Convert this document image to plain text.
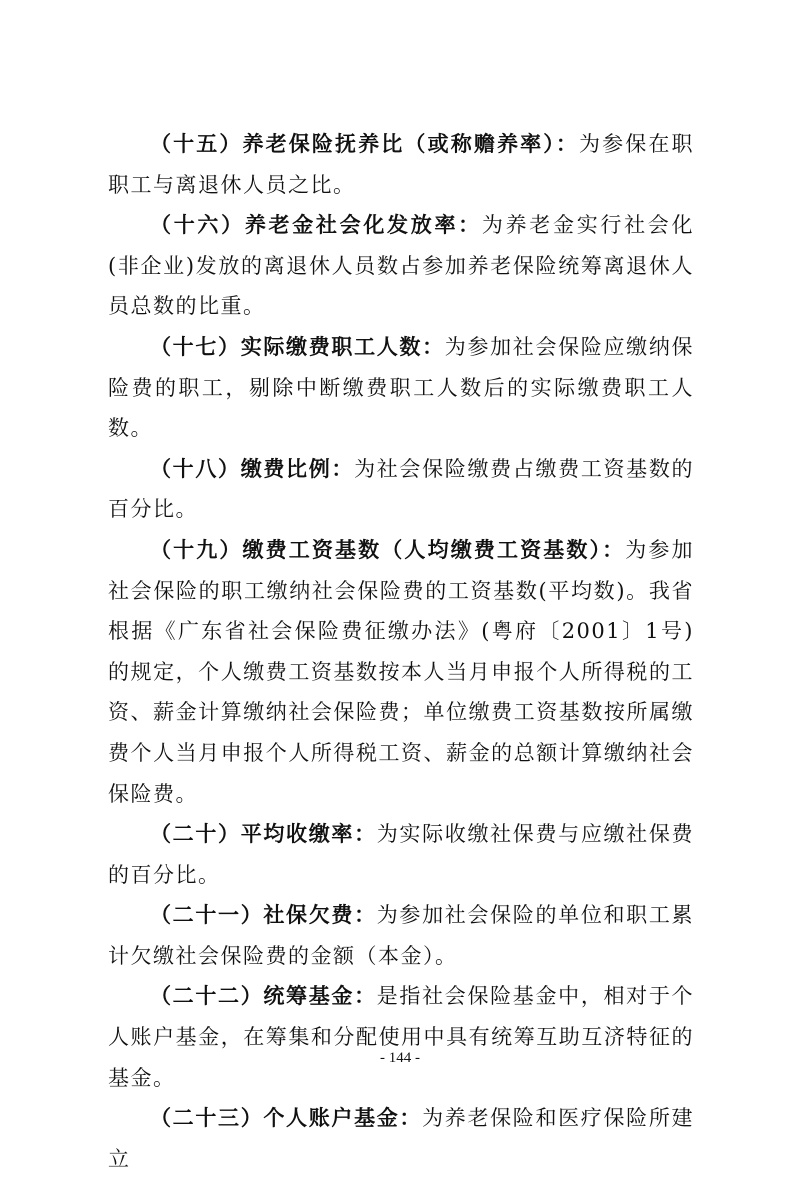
（十五）养老保险抚养比（或称赡养率）：为参保在职职工与离退休人员之比。

（十六）养老金社会化发放率：为养老金实行社会化(非企业)发放的离退休人员数占参加养老保险统筹离退休人员总数的比重。

（十七）实际缴费职工人数：为参加社会保险应缴纳保险费的职工，剔除中断缴费职工人数后的实际缴费职工人数。

（十八）缴费比例：为社会保险缴费占缴费工资基数的百分比。

（十九）缴费工资基数（人均缴费工资基数）：为参加社会保险的职工缴纳社会保险费的工资基数(平均数)。我省根据《广东省社会保险费征缴办法》(粤府〔2001〕1号)的规定，个人缴费工资基数按本人当月申报个人所得税的工资、薪金计算缴纳社会保险费；单位缴费工资基数按所属缴费个人当月申报个人所得税工资、薪金的总额计算缴纳社会保险费。

（二十）平均收缴率：为实际收缴社保费与应缴社保费的百分比。

（二十一）社保欠费：为参加社会保险的单位和职工累计欠缴社会保险费的金额（本金）。

（二十二）统筹基金：是指社会保险基金中，相对于个人账户基金，在筹集和分配使用中具有统筹互助互济特征的基金。

（二十三）个人账户基金：为养老保险和医疗保险所建立

- 144 -
